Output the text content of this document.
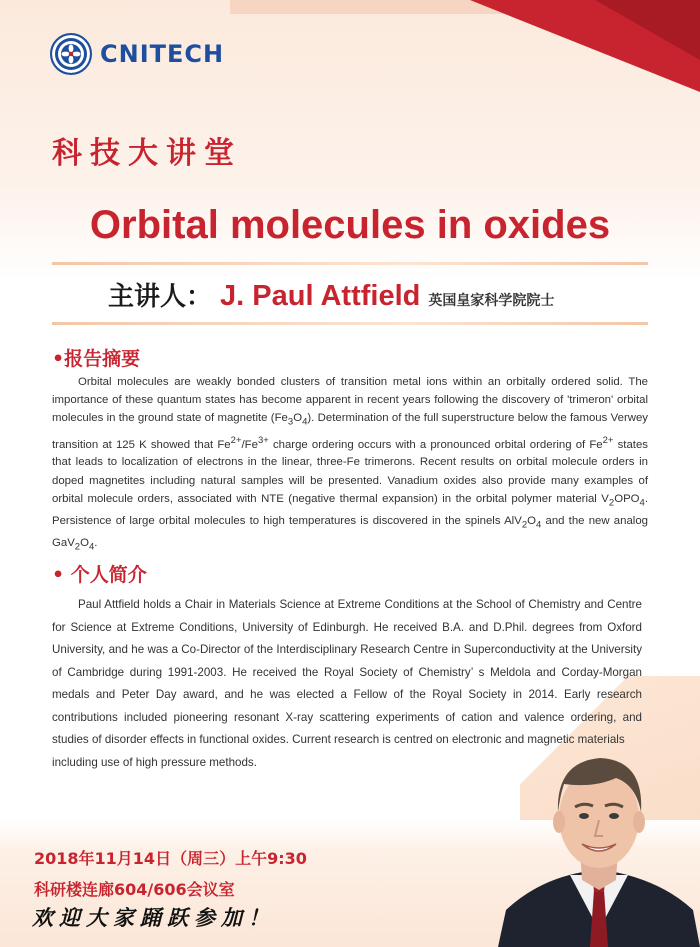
CNITECH
科技大讲堂
Orbital molecules in oxides
主讲人： J. Paul Attfield 英国皇家科学院院士
•报告摘要
Orbital molecules are weakly bonded clusters of transition metal ions within an orbitally ordered solid. The importance of these quantum states has become apparent in recent years following the discovery of 'trimeron' orbital molecules in the ground state of magnetite $(Fe_3O_4)$. Determination of the full superstructure below the famous Verwey transition at 125 K showed that $Fe^{2+}/Fe^{3+}$ charge ordering occurs with a pronounced orbital ordering of $Fe^{2+}$ states that leads to localization of electrons in the linear, three-Fe trimerons. Recent results on orbital molecule orders in doped magnetites including natural samples will be presented. Vanadium oxides also provide many examples of orbital molecule orders, associated with NTE (negative thermal expansion) in the orbital polymer material $V_2OPO_4$. Persistence of large orbital molecules to high temperatures is discovered in the spinels $AlV_2O_4$ and the new analog $GaV_2O_4$.
• 个人简介
Paul Attfield holds a Chair in Materials Science at Extreme Conditions at the School of Chemistry and Centre for Science at Extreme Conditions, University of Edinburgh. He received B.A. and D.Phil. degrees from Oxford University, and he was a Co-Director of the Interdisciplinary Research Centre in Superconductivity at the University of Cambridge during 1991-2003. He received the Royal Society of Chemistry’ s Meldola and Corday-Morgan medals and Peter Day award, and he was elected a Fellow of the Royal Society in 2014. Early research contributions included pioneering resonant X-ray scattering experiments of cation and valence ordering, and studies of disorder effects in functional oxides. Current research is centred on electronic and magnetic materials
including use of high pressure methods.
2018年11月14日（周三）上午9:30
科研楼连廊604/606会议室
欢迎大家踊跃参加！
